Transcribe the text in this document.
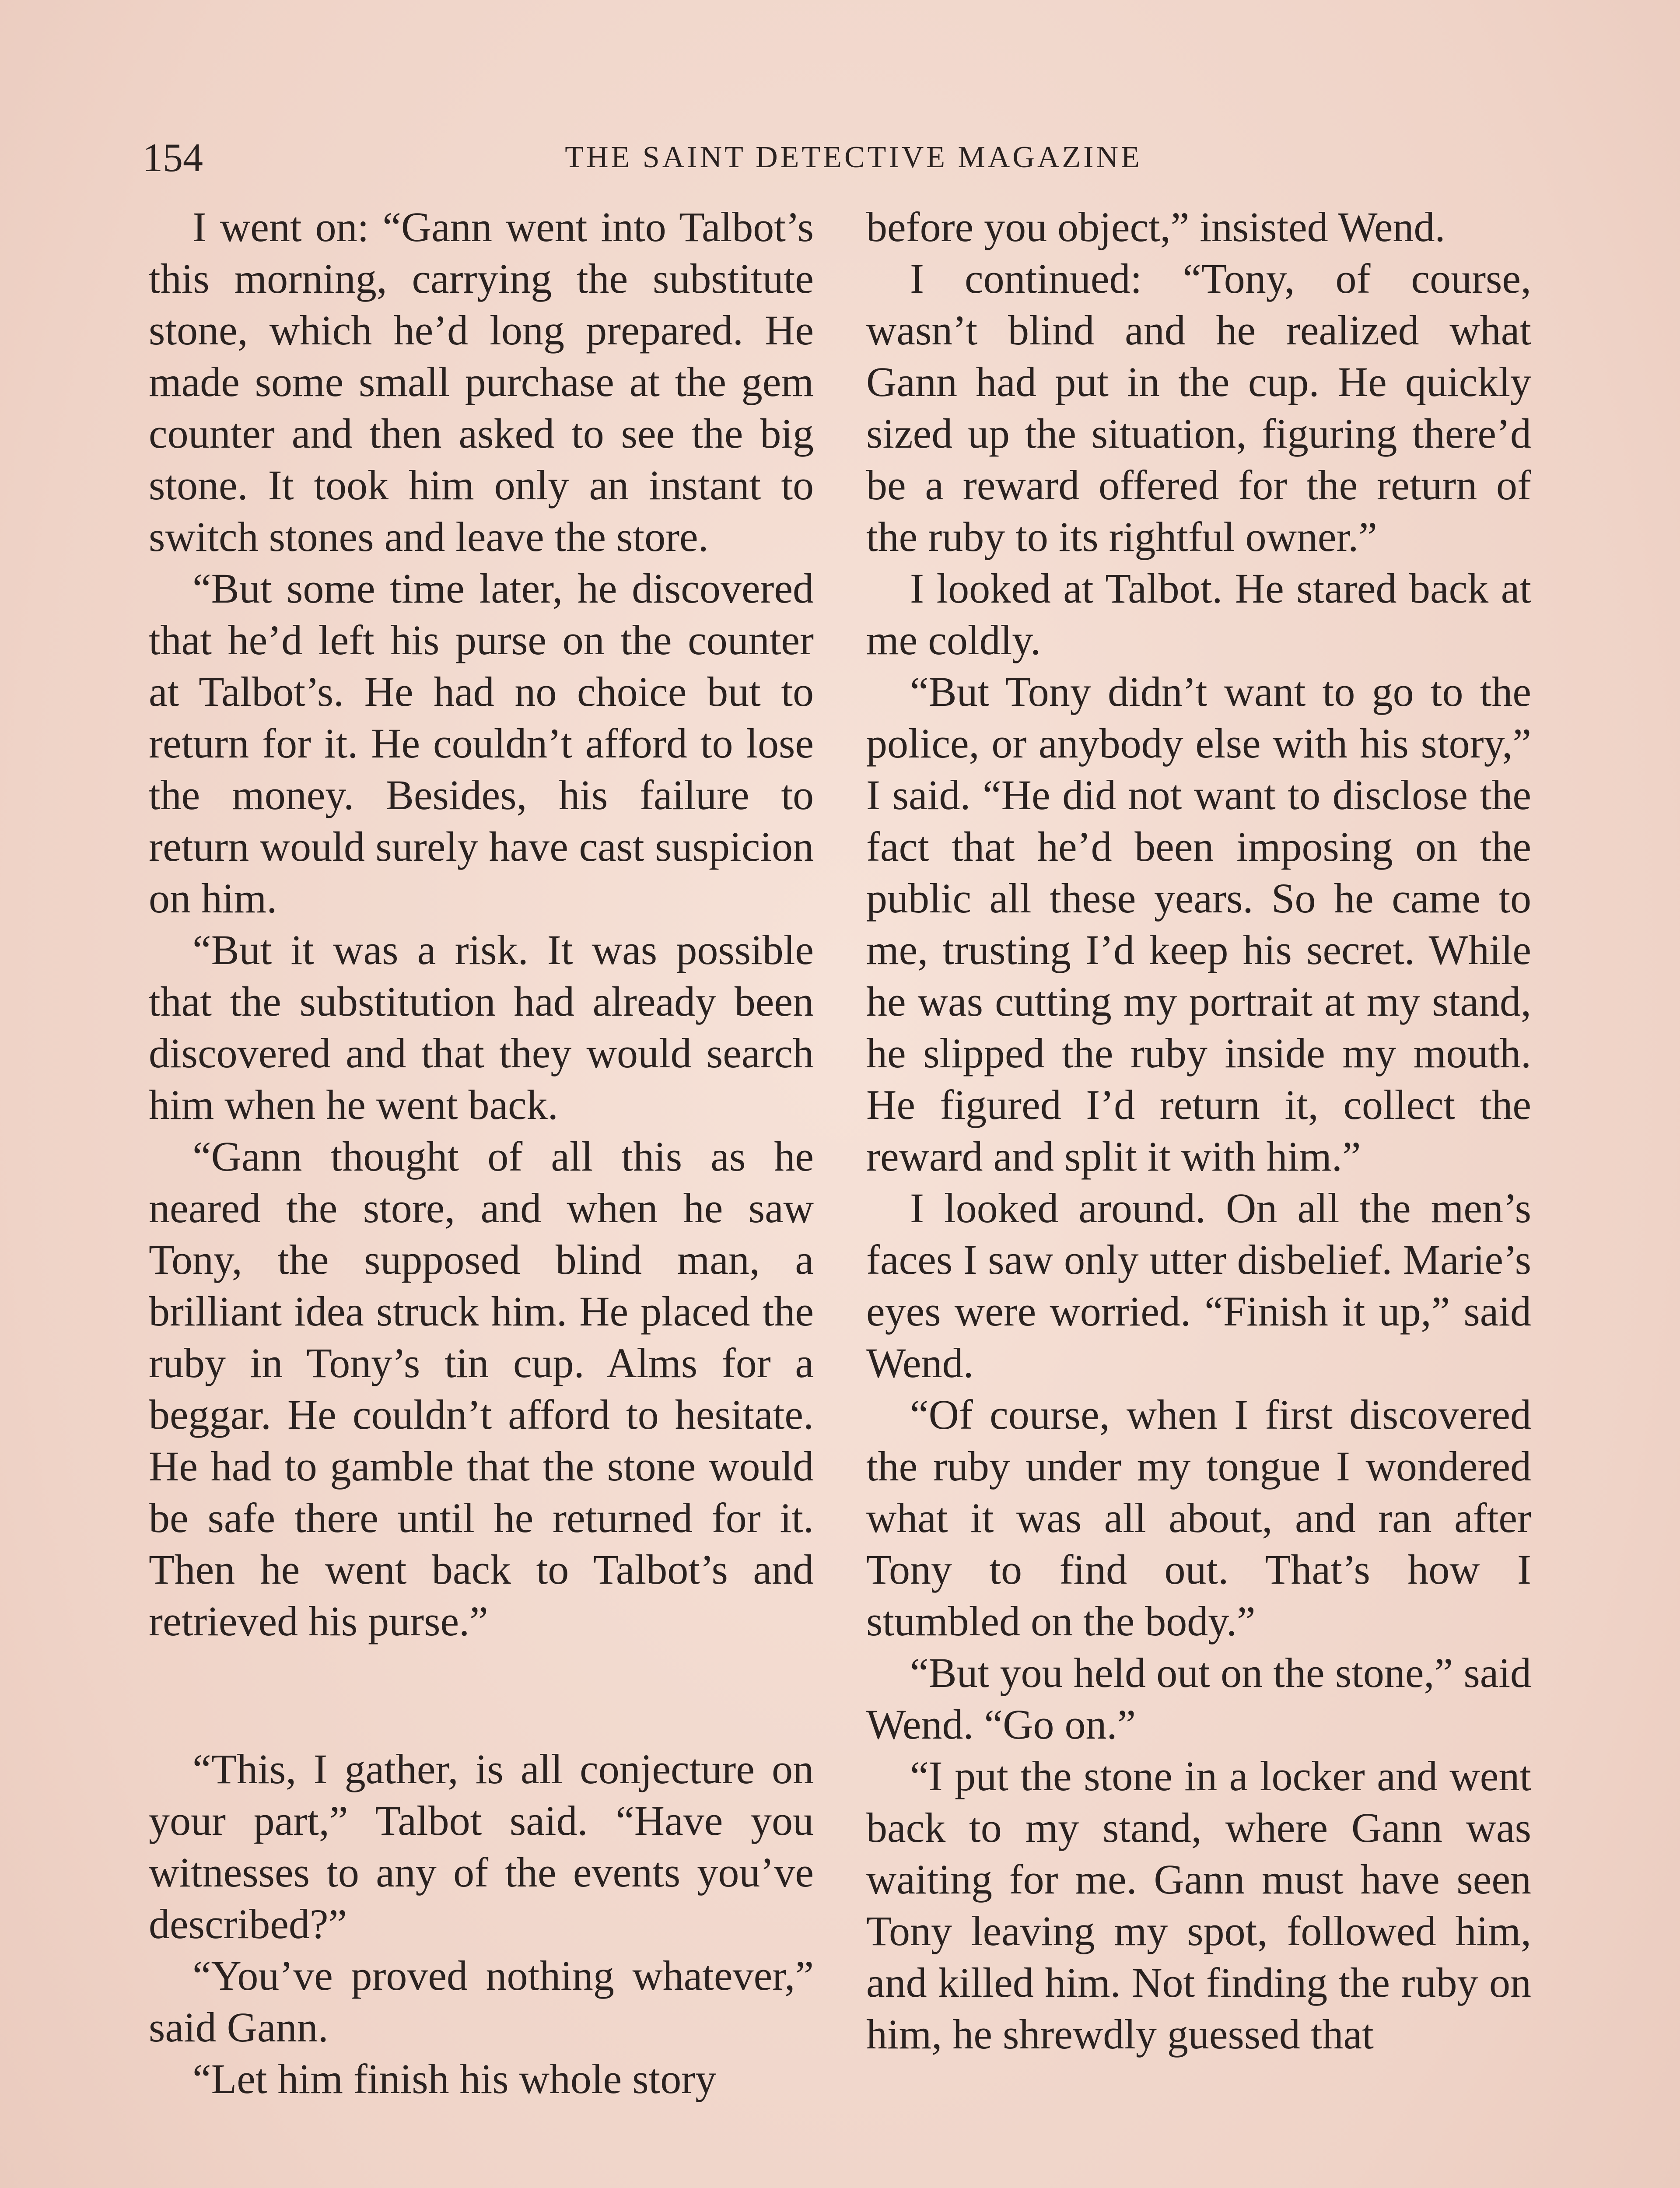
154	THE SAINT DETECTIVE MAGAZINE

I went on: “Gann went into Talbot’s this morning, carrying the substitute stone, which he’d long prepared. He made some small purchase at the gem counter and then asked to see the big stone. It took him only an instant to switch stones and leave the store.

“But some time later, he discovered that he’d left his purse on the counter at Talbot’s. He had no choice but to return for it. He couldn’t afford to lose the money. Besides, his failure to return would surely have cast suspicion on him.

“But it was a risk. It was possible that the substitution had already been discovered and that they would search him when he went back.

“Gann thought of all this as he neared the store, and when he saw Tony, the supposed blind man, a brilliant idea struck him. He placed the ruby in Tony’s tin cup. Alms for a beggar. He couldn’t afford to hesitate. He had to gamble that the stone would be safe there until he returned for it. Then he went back to Talbot’s and retrieved his purse.”

“This, I gather, is all conjecture on your part,” Talbot said. “Have you witnesses to any of the events you’ve described?”

“You’ve proved nothing whatever,” said Gann.

“Let him finish his whole story

before you object,” insisted Wend.

I continued: “Tony, of course, wasn’t blind and he realized what Gann had put in the cup. He quickly sized up the situation, figuring there’d be a reward offered for the return of the ruby to its rightful owner.”

I looked at Talbot. He stared back at me coldly.

“But Tony didn’t want to go to the police, or anybody else with his story,” I said. “He did not want to disclose the fact that he’d been imposing on the public all these years. So he came to me, trusting I’d keep his secret. While he was cutting my portrait at my stand, he slipped the ruby inside my mouth. He figured I’d return it, collect the reward and split it with him.”

I looked around. On all the men’s faces I saw only utter disbelief. Marie’s eyes were worried. “Finish it up,” said Wend.

“Of course, when I first discovered the ruby under my tongue I wondered what it was all about, and ran after Tony to find out. That’s how I stumbled on the body.”

“But you held out on the stone,” said Wend. “Go on.”

“I put the stone in a locker and went back to my stand, where Gann was waiting for me. Gann must have seen Tony leaving my spot, followed him, and killed him. Not finding the ruby on him, he shrewdly guessed that
